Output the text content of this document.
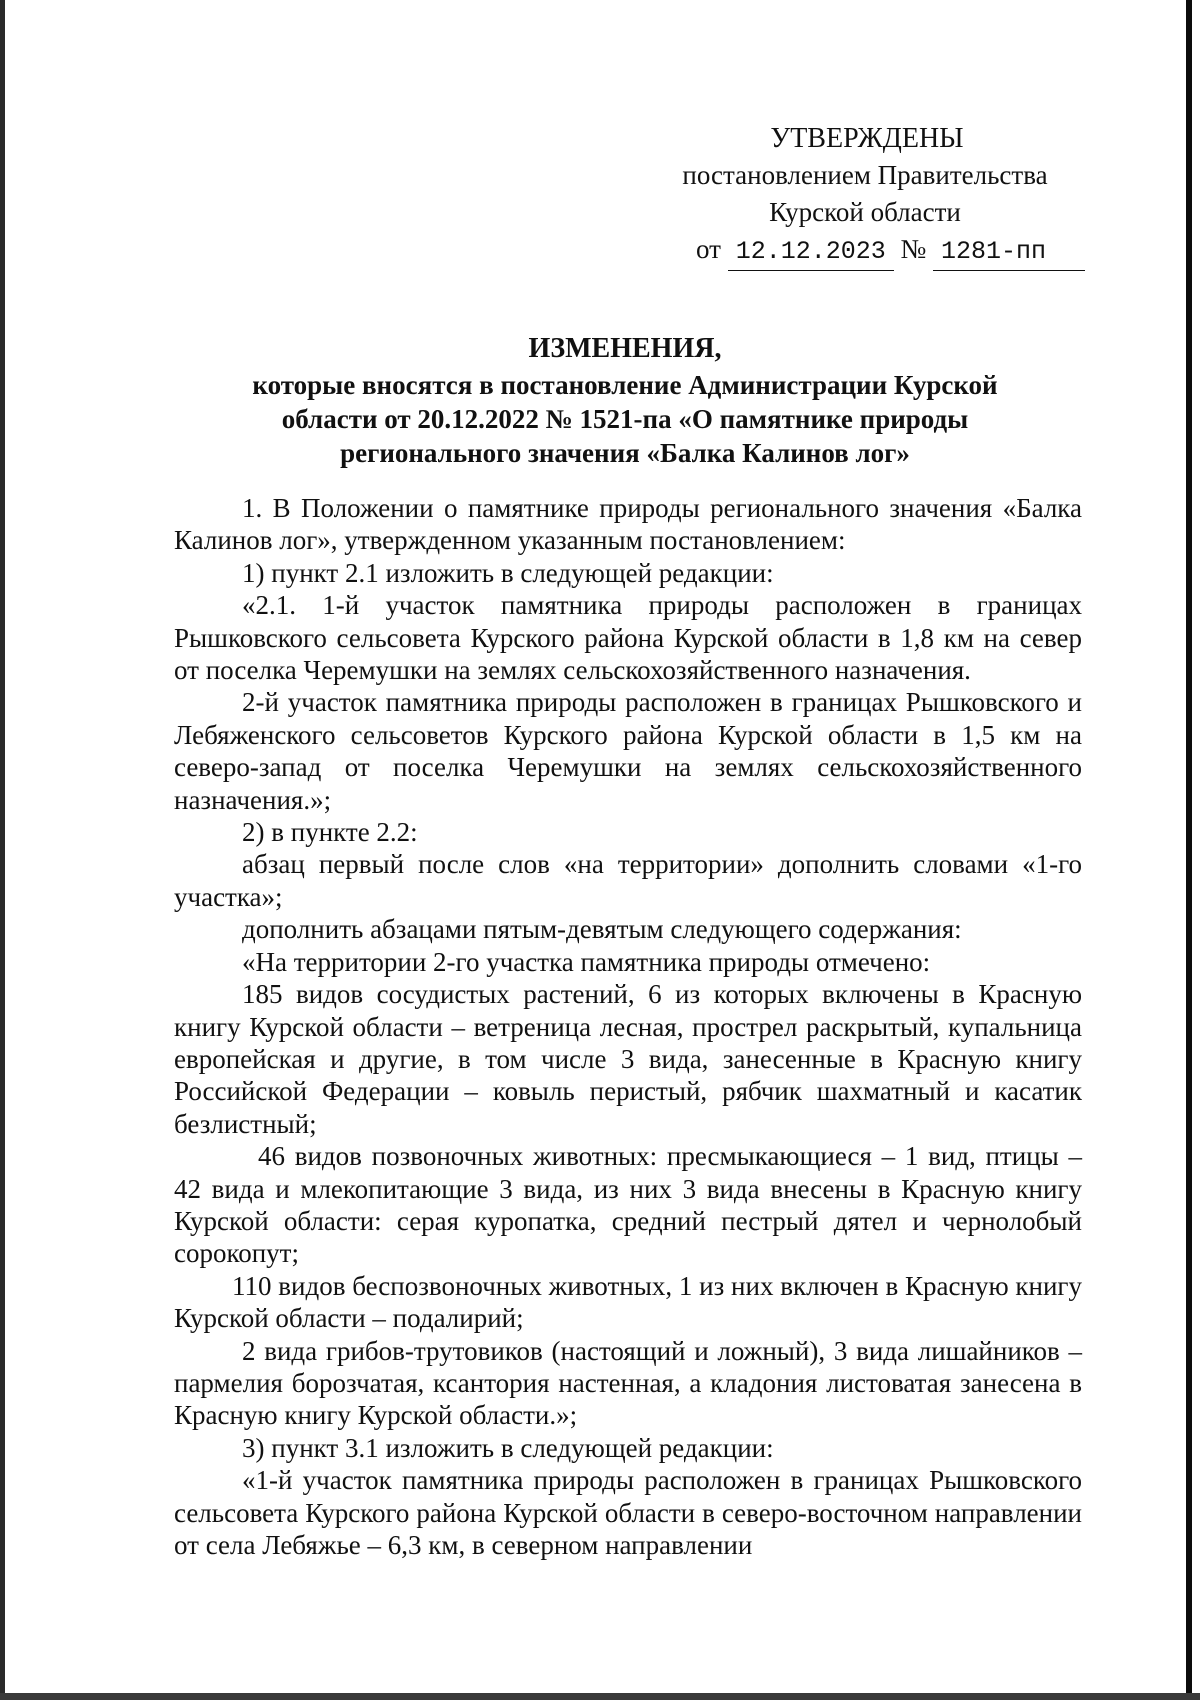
УТВЕРЖДЕНЫ
постановлением Правительства
Курской области
от 12.12.2023 № 1281-пп
ИЗМЕНЕНИЯ,
которые вносятся в постановление Администрации Курской
области от 20.12.2022 № 1521-па «О памятнике природы
регионального значения «Балка Калинов лог»

1. В Положении о памятнике природы регионального значения «Балка Калинов лог», утвержденном указанным постановлением:

1) пункт 2.1 изложить в следующей редакции:

«2.1. 1-й участок памятника природы расположен в границах Рышковского сельсовета Курского района Курской области в 1,8 км на север от поселка Черемушки на землях сельскохозяйственного назначения.

2-й участок памятника природы расположен в границах Рышковского и Лебяженского сельсоветов Курского района Курской области в 1,5 км на северо-запад от поселка Черемушки на землях сельскохозяйственного назначения.»;

2) в пункте 2.2:

абзац первый после слов «на территории» дополнить словами «1-го участка»;

дополнить абзацами пятым-девятым следующего содержания:

«На территории 2-го участка памятника природы отмечено:

185 видов сосудистых растений, 6 из которых включены в Красную книгу Курской области – ветреница лесная, прострел раскрытый, купальница европейская и другие, в том числе 3 вида, занесенные в Красную книгу Российской Федерации – ковыль перистый, рябчик шахматный и касатик безлистный;

46 видов позвоночных животных: пресмыкающиеся – 1 вид, птицы – 42 вида и млекопитающие 3 вида, из них 3 вида внесены в Красную книгу Курской области: серая куропатка, средний пестрый дятел и чернолобый сорокопут;

110 видов беспозвоночных животных, 1 из них включен в Красную книгу Курской области – подалирий;

2 вида грибов-трутовиков (настоящий и ложный), 3 вида лишайников – пармелия борозчатая, ксантория настенная, а кладония листоватая занесена в Красную книгу Курской области.»;

3) пункт 3.1 изложить в следующей редакции:

«1-й участок памятника природы расположен в границах Рышковского сельсовета Курского района Курской области в северо-восточном направлении от села Лебяжье – 6,3 км, в северном направлении
